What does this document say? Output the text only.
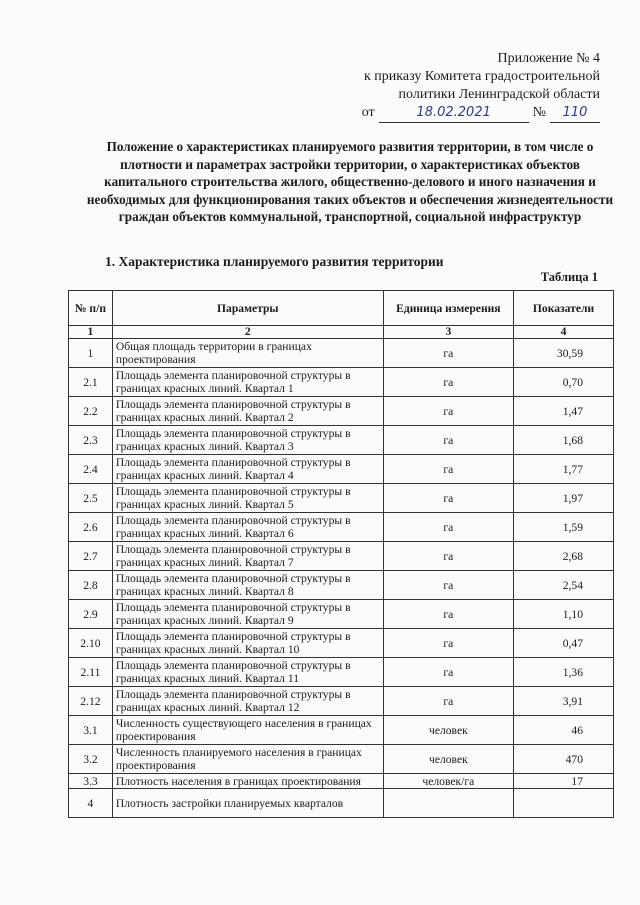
Приложение № 4
к приказу Комитета градостроительной
политики Ленинградской области
от	18.02.2021	№	110
Положение о характеристиках планируемого развития территории, в том числе о плотности и параметрах застройки территории, о характеристиках объектов капитального строительства жилого, общественно-делового и иного назначения и необходимых для функционирования таких объектов и обеспечения жизнедеятельности граждан объектов коммунальной, транспортной, социальной инфраструктур
1. Характеристика планируемого развития территории
Таблица 1
№ п/п	Параметры	Единица измерения	Показатели
1	2	3	4
1	Общая площадь территории в границах проектирования	га	30,59
2.1	Площадь элемента планировочной структуры в границах красных линий. Квартал 1	га	0,70
2.2	Площадь элемента планировочной структуры в границах красных линий. Квартал 2	га	1,47
2.3	Площадь элемента планировочной структуры в границах красных линий. Квартал 3	га	1,68
2.4	Площадь элемента планировочной структуры в границах красных линий. Квартал 4	га	1,77
2.5	Площадь элемента планировочной структуры в границах красных линий. Квартал 5	га	1,97
2.6	Площадь элемента планировочной структуры в границах красных линий. Квартал 6	га	1,59
2.7	Площадь элемента планировочной структуры в границах красных линий. Квартал 7	га	2,68
2.8	Площадь элемента планировочной структуры в границах красных линий. Квартал 8	га	2,54
2.9	Площадь элемента планировочной структуры в границах красных линий. Квартал 9	га	1,10
2.10	Площадь элемента планировочной структуры в границах красных линий. Квартал 10	га	0,47
2.11	Площадь элемента планировочной структуры в границах красных линий. Квартал 11	га	1,36
2.12	Площадь элемента планировочной структуры в границах красных линий. Квартал 12	га	3,91
3.1	Численность существующего населения в границах проектирования	человек	46
3.2	Численность планируемого населения в границах проектирования	человек	470
3.3	Плотность населения в границах проектирования	человек/га	17
4	Плотность застройки планируемых кварталов		
